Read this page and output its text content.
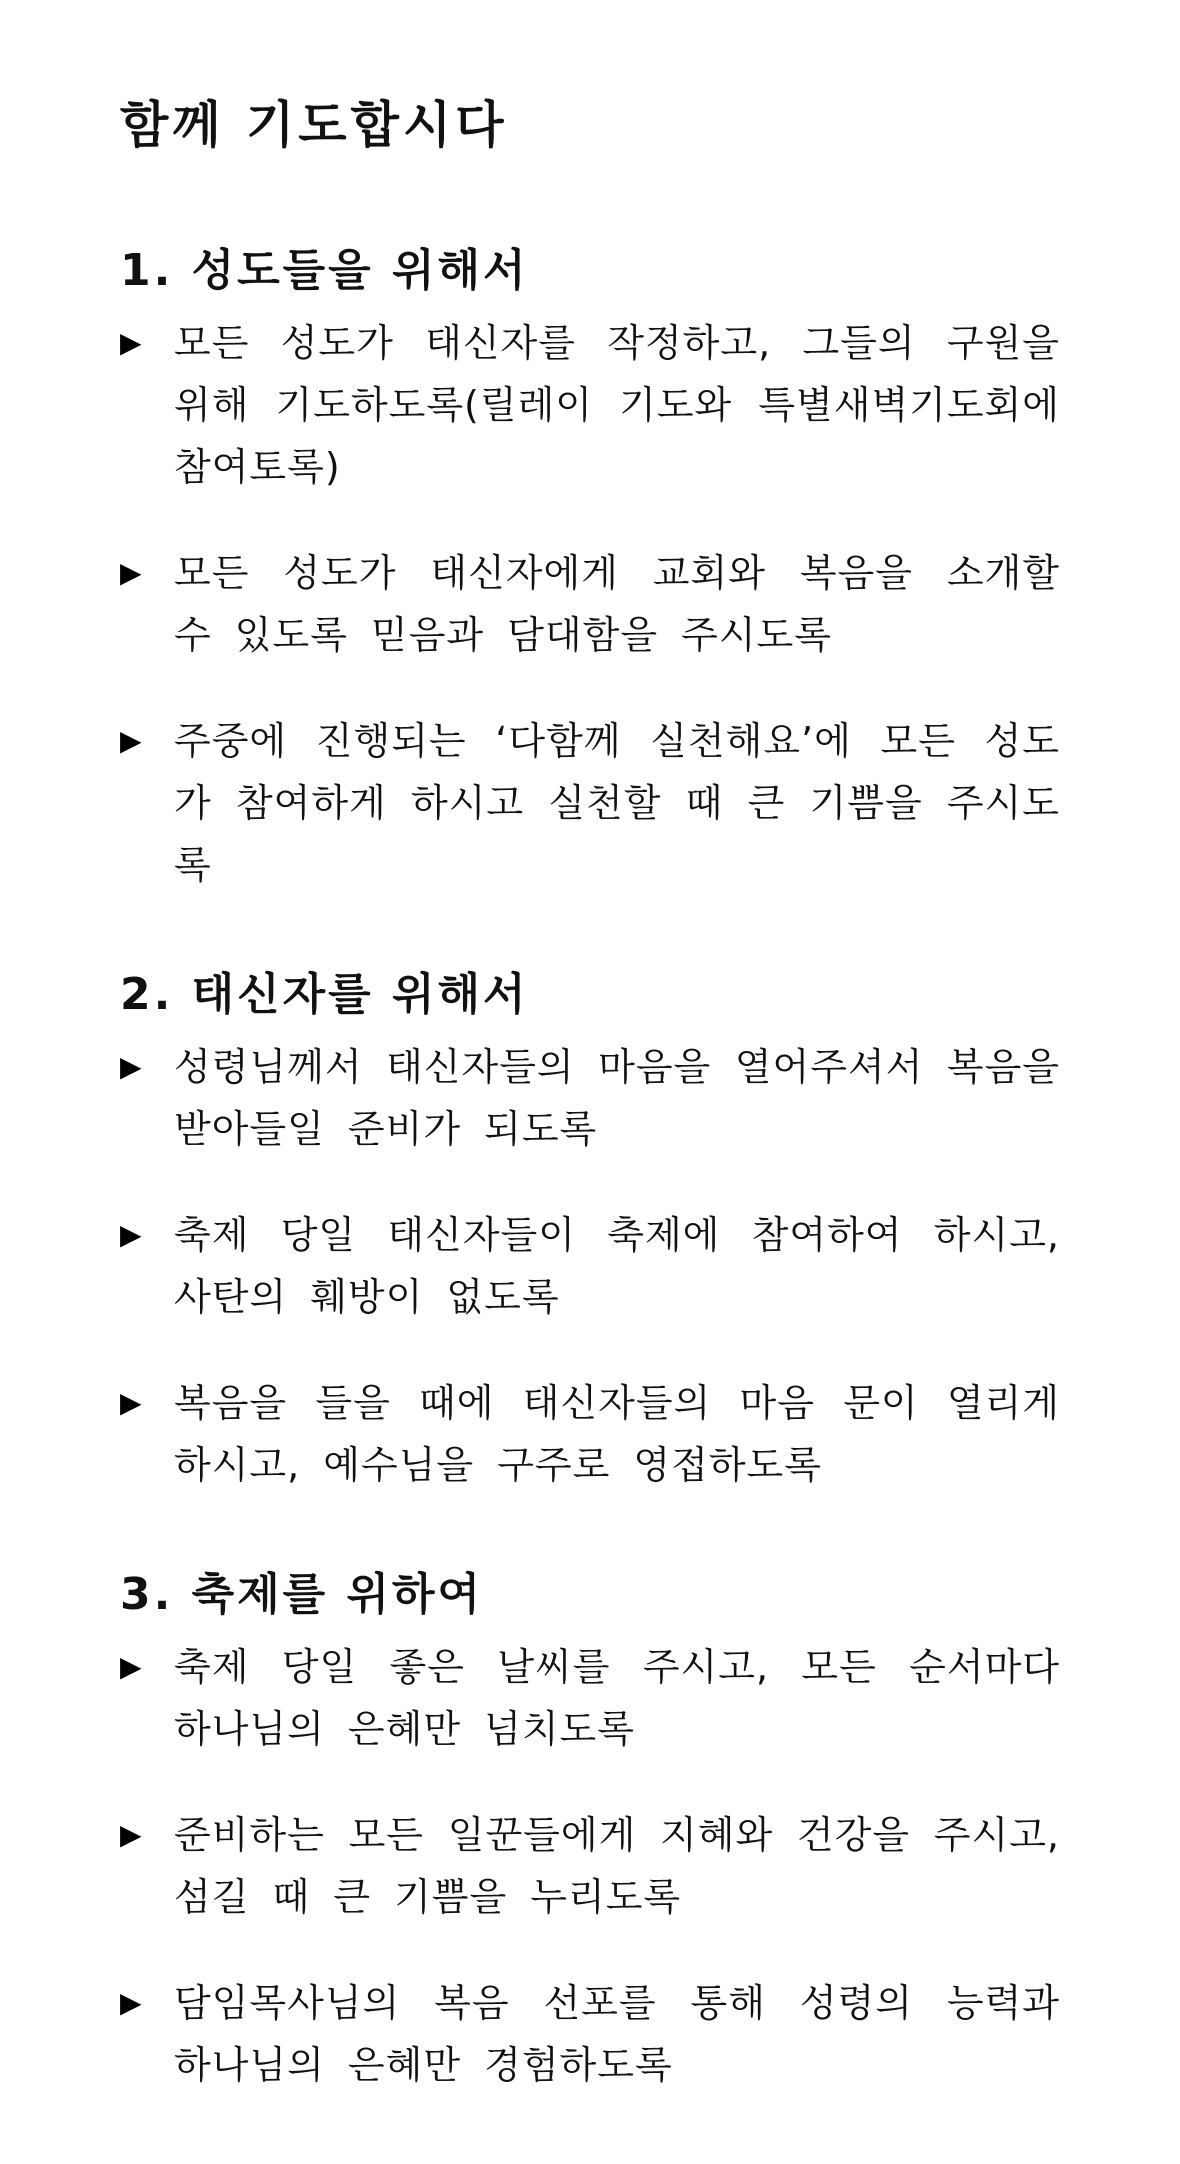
함께 기도합시다
1. 성도들을 위해서
▶ 모든 성도가 태신자를 작정하고, 그들의 구원을 위해 기도하도록(릴레이 기도와 특별새벽기도회에 참여토록)
▶ 모든 성도가 태신자에게 교회와 복음을 소개할 수 있도록 믿음과 담대함을 주시도록
▶ 주중에 진행되는 ‘다함께 실천해요’에 모든 성도가 참여하게 하시고 실천할 때 큰 기쁨을 주시도록
2. 태신자를 위해서
▶ 성령님께서 태신자들의 마음을 열어주셔서 복음을 받아들일 준비가 되도록
▶ 축제 당일 태신자들이 축제에 참여하여 하시고, 사탄의 훼방이 없도록
▶ 복음을 들을 때에 태신자들의 마음 문이 열리게 하시고, 예수님을 구주로 영접하도록
3. 축제를 위하여
▶ 축제 당일 좋은 날씨를 주시고, 모든 순서마다 하나님의 은혜만 넘치도록
▶ 준비하는 모든 일꾼들에게 지혜와 건강을 주시고, 섬길 때 큰 기쁨을 누리도록
▶ 담임목사님의 복음 선포를 통해 성령의 능력과 하나님의 은혜만 경험하도록
